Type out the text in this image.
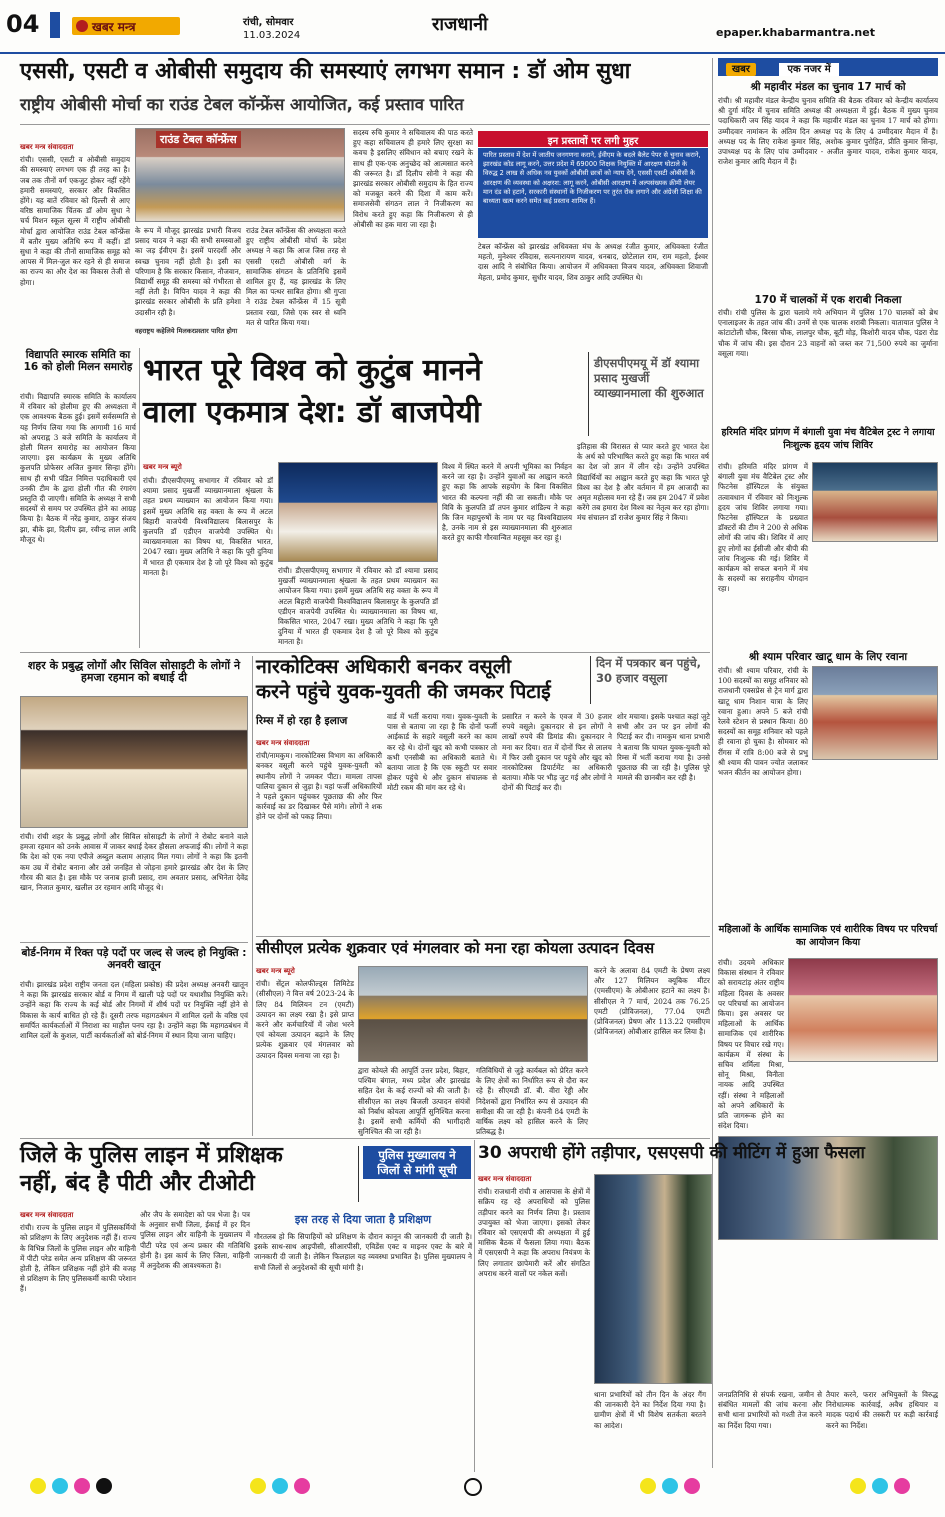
04	खबर मन्त्र	रांची, सोमवार
11.03.2024
राजधानी	epaper.khabarmantra.net
एससी, एसटी व ओबीसी समुदाय की समस्याएं लगभग समान : डॉ ओम सुधा
राष्ट्रीय ओबीसी मोर्चा का राउंड टेबल कॉन्फ्रेंस आयोजित, कई प्रस्ताव पारित

खबर मन्त्र संवाददाता

रांची। एससी, एसटी व ओबीसी समुदाय की समस्याएं लगभग एक ही तरह का है। जब तक तीनों वर्ग एकजुट होकर नहीं रहेंगे हमारी समस्याएं, सरकार और विकसित होंगे। यह बातें रविवार को दिल्ली से आए वरिष्ठ सामाजिक चिंतक डॉ ओम सुधा ने चर्च मिशन स्कूल सूल्स में राष्ट्रीय ओबीसी मोर्चा द्वारा आयोजित राउंड टेबल कॉन्फ्रेंस में बतौर मुख्य अतिथि रूप में कहीं। डॉ सुधा ने कहा की तीनों सामाजिक समूह को आपस में मिल-जुल कर रहने से ही समाज का राज्य का और देश का विकास तेजी से होगा।

राउंड टेबल कॉन्फ्रेंस

के रूप में मौजूद झारखंड प्रभारी विजय प्रसाद यादव ने कहा की सभी समस्याओं का जड़ ईवीएम है। इसमें पारदर्शी और स्वच्छ चुनाव नहीं होती है। इसी का परिणाम है कि सरकार किसान, नौजवान, विद्यार्थी समूह की समस्या को गंभीरता से नहीं लेती है। विपिन यादव ने कहा की झारखंड सरकार ओबीसी के प्रति हमेशा उदासीन रही है।

वहराष्ट्रय कहेलिये मिलकरप्रस्तार पारित होगा

राउंड टेबल कॉन्फ्रेंस की अध्यक्षता करते हुए राष्ट्रीय ओबीसी मोर्चा के प्रदेश अध्यक्ष ने कहा कि आज जिस तरह से एससी एसटी ओबीसी वर्ग के सामाजिक संगठन के प्रतिनिधि इसमें शामिल हुए हैं, यह झारखंड के लिए मिल का पत्थर साबित होगा। श्री गुप्ता ने राउंड टेबल कॉन्फ्रेंस में 15 सूत्री प्रस्ताव रखा, जिसे एक स्वर से ध्वनि मत से पारित किया गया।

सदस्य रुचि कुमार ने सचिवालय की पाठ करते हुए कहा सचिवालय ही हमारे लिए सुरक्षा का कवच है इसलिए संविधान को बचाए रखने के साथ ही एक-एक अनुच्छेद को आत्मसात करने की जरूरत है। डॉ दिलीप सोनी ने कहा की झारखंड सरकार ओबीसी समुदाय के हित राज्य को मजबूत करने की दिशा में काम करें। समाजसेवी संगठन लाल ने निजीकरण का विरोध करते हुए कहा कि निजीकरण से ही ओबीसी का हक मारा जा रहा है।

इन प्रस्तावों पर लगी मुहर
पारित प्रस्ताव में देश में जातीय जनगणना कराने, ईवीएम के बदले बैलेट पेपर से चुनाव कराने, झारखंड कोड लागू करने, उत्तर प्रदेश में 69000 शिक्षक नियुक्ति में आरक्षण घोटाले के विरुद्ध 2 लाख से अधिक नव युवकों ओबीसी छात्रों को न्याय देने, एससी एसटी ओबीसी के आरक्षण की व्यवस्था को अक्षरश: लागू करने, ओबीसी आरक्षण में अल्पसंख्यक क्रीमी लेयर मान दंड को हटाने, सरकारी संस्थानों के निजीकरण पर तुरंत रोक लगाने और अंग्रेजी शिक्षा की बाध्यता खत्म करने समेत कई प्रस्ताव शामिल हैं।

टेबल कॉन्फ्रेंस को झारखंड अधिवक्ता मंच के अध्यक्ष रंजीत कुमार, अधिवक्ता रंजीत महतो, मुनेश्वर रविदास, सत्यनारायण यादव, धनबाद, छोटेलाल राम, राम महतो, ईश्वर दास आदि ने संबोधित किया। आयोजन में अधिवक्ता विजय यादव, अधिवक्ता शिवाजी मेहता, प्रमोद कुमार, सुधीर यादव, शिव ठाकुर आदि उपस्थित थे।

खबर	एक नजर में
श्री महावीर मंडल का चुनाव 17 मार्च को

रांची। श्री महावीर मंडल केन्द्रीय चुनाव समिति की बैठक रविवार को केन्द्रीय कार्यालय श्री दुर्गा मंदिर में चुनाव समिति अध्यक्ष की अध्यक्षता में हुई। बैठक में मुख्य चुनाव पदाधिकारी जय सिंह यादव ने कहा कि महावीर मंडल का चुनाव 17 मार्च को होगा। उम्मीदवार नामांकन के अंतिम दिन अध्यक्ष पद के लिए 4 उम्मीदवार मैदान में हैं। अध्यक्ष पद के लिए राकेश कुमार सिंह, अशोक कुमार पुरोहित, प्रीति कुमार सिन्हा, उपाध्यक्ष पद के लिए पांच उम्मीदवार - अजीत कुमार यादव, राकेश कुमार यादव, राजेश कुमार आदि मैदान में हैं।

170 में चालकों में एक शराबी निकला

रांची। रांची पुलिस के द्वारा चलाये गये अभियान में पुलिस 170 चालकों को ब्रेथ एनालाइजर के तहत जांच की। उनमें से एक चालक शराबी निकला। यातायात पुलिस ने कांटाटोली चौक, बिरसा चौक, लालपुर चौक, बूटी मोड़, किशोरी यादव चौक, पंडरा रोड चौक में जांच की। इस दौरान 23 वाहनों को जब्त कर 71,500 रुपये का जुर्माना वसूला गया।

हरिमति मंदिर प्रांगण में बंगाली युवा मंच वैटिबेल ट्रस्ट ने लगाया निःशुल्क हृदय जांच शिविर

रांची। हरिमति मंदिर प्रांगण में बंगाली युवा मंच वैटिबेल ट्रस्ट और फिटनेस हॉस्पिटल के संयुक्त तत्वावधान में रविवार को निःशुल्क हृदय जांच शिविर लगाया गया। फिटनेस हॉस्पिटल के प्रख्यात डॉक्टरों की टीम ने 200 से अधिक लोगों की जांच की। शिविर में आए हुए लोगों का ईसीजी और बीपी की जांच निःशुल्क की गई। शिविर में कार्यक्रम को सफल बनाने में मंच के सदस्यों का सराहनीय योगदान रहा।

श्री श्याम परिवार खाटू धाम के लिए रवाना

रांची। श्री श्याम परिवार, रांची के 100 सदस्यों का समूह शनिवार को राजधानी एक्सप्रेस से ट्रेन मार्ग द्वारा खाटू धाम निशान यात्रा के लिए रवाना हुआ। अपने 5 बजे रांची रेलवे स्टेशन से प्रस्थान किया। 80 सदस्यों का समूह शनिवार को पहले ही रवाना हो चुका है। सोमवार को रींगस में रात्रि 8:00 बजे से प्रभु श्री श्याम की पावन ज्योत जलाकर भजन कीर्तन का आयोजन होगा।

महिलाओं के आर्थिक सामाजिक एवं शारीरिक विषय पर परिचर्चा का आयोजन किया

रांची। उदयमे अधिकार विकास संस्थान ने रविवार को सरायटांड़ अंतर राष्ट्रीय महिला दिवस के अवसर पर परिचर्चा का आयोजन किया। इस अवसर पर महिलाओं के आर्थिक सामाजिक एवं शारीरिक विषय पर विचार रखे गए। कार्यक्रम में संस्था के सचिव शर्मिला मिश्रा, सोनू मिश्रा, विनीता नायक आदि उपस्थित रहीं। संस्था ने महिलाओं को अपने अधिकारों के प्रति जागरूक होने का संदेश दिया।

विद्यापति स्मारक समिति का 16 को होली मिलन समारोह

रांची। विद्यापति स्मारक समिति के कार्यालय में रविवार को होलीमा हुए की अध्यक्षता में एक आवश्यक बैठक हुई। इसमें सर्वसम्मति से यह निर्णय लिया गया कि आगामी 16 मार्च को अपराह्न 3 बजे समिति के कार्यालय में होली मिलन समारोह का आयोजन किया जाएगा। इस कार्यक्रम के मुख्य अतिथि कुलपति प्रोफेसर अजित कुमार सिन्हा होंगे। साथ ही सभी पंडित निमित्त पदाधिकारी एवं उनकी टीम के द्वारा होली गीत की रंगारंग प्रस्तुति दी जाएगी। समिति के अध्यक्ष ने सभी सदस्यों से समय पर उपस्थित होने का आग्रह किया है। बैठक में नरेंद्र कुमार, ठाकुर संजय झा, बीके झा, दिलीप झा, रवीन्द्र लाल आदि मौजूद थे।

भारत पूरे विश्व को कुटुंब मानने
वाला एकमात्र देश: डॉ बाजपेयी
डीएसपीएमयू में डॉ श्यामा प्रसाद मुखर्जी व्याख्यानमाला की शुरुआत

खबर मन्त्र ब्यूरो

रांची। डीएसपीएमयू सभागार में रविवार को डॉ श्यामा प्रसाद मुखर्जी व्याख्यानमाला श्रृंखला के तहत प्रथम व्याख्यान का आयोजन किया गया। इसमें मुख्य अतिथि सह वक्ता के रूप में अटल बिहारी वाजपेयी विश्वविद्यालय बिलासपुर के कुलपति डॉ एडीएन वाजपेयी उपस्थित थे। व्याख्यानमाला का विषय था, विकसित भारत, 2047 रखा। मुख्य अतिथि ने कहा कि पूरी दुनिया में भारत ही एकमात्र देश है जो पूरे विश्व को कुटुंब मानता है।	रांची। डीएसपीएमयू सभागार में रविवार को डॉ श्यामा प्रसाद मुखर्जी व्याख्यानमाला श्रृंखला के तहत प्रथम व्याख्यान का आयोजन किया गया। इसमें मुख्य अतिथि सह वक्ता के रूप में अटल बिहारी वाजपेयी विश्वविद्यालय बिलासपुर के कुलपति डॉ एडीएन वाजपेयी उपस्थित थे। व्याख्यानमाला का विषय था, विकसित भारत, 2047 रखा। मुख्य अतिथि ने कहा कि पूरी दुनिया में भारत ही एकमात्र देश है जो पूरे विश्व को कुटुंब मानता है।

विश्व में स्थित करने में अपनी भूमिका का निर्वहन करने जा रहा है। उन्होंने युवाओं का आह्वान करते हुए कहा कि आपके सहयोग के बिना विकसित भारत की कल्पना नहीं की जा सकती। मौके पर विवि के कुलपति डॉ तपन कुमार शांडिल्य ने कहा कि जिन महापुरुषों के नाम पर यह विश्वविद्यालय है, उनके नाम से इस व्याख्यानमाला की शुरुआत करते हुए काफी गौरवान्वित महसूस कर रहा हूं।

इतिहास की विरासत से प्यार करते हुए भारत देश के अर्थ को परिभाषित करते हुए कहा कि भारत वर्ष का देश जो ज्ञान में लीन रहे। उन्होंने उपस्थित विद्यार्थियों का आह्वान करते हुए कहा कि भारत पूरे विश्व का देश है और वर्तमान में हम आजादी का अमृत महोत्सव मना रहे हैं। जब हम 2047 में प्रवेश करेंगे तब हमारा देश विश्व का नेतृत्व कर रहा होगा। मंच संचालन डॉ राजेश कुमार सिंह ने किया।

शहर के प्रबुद्ध लोगों और सिविल सोसाइटी के लोगों ने हमजा रहमान को बधाई दी

रांची। रांची शहर के प्रबुद्ध लोगों और सिविल सोसाइटी के लोगों ने रोबोट बनाने वाले हमजा रहमान को उनके आवास में जाकर बधाई देकर हौसला अफजाई की। लोगों ने कहा कि देश को एक नया एपीजे अब्दुल कलाम आज़ाद मिल गया। लोगों ने कहा कि इतनी कम उम्र में रोबोट बनाना और उसे जनहित से जोड़ना हमारे झारखंड और देश के लिए गौरव की बात है। इस मौके पर जनाब हाजी प्रसाद, राम अवतार प्रसाद, अभिनेता देवेंद्र खान, निजात कुमार, खलील उर रहमान आदि मौजूद थे।

नारकोटिक्स अधिकारी बनकर वसूली
करने पहुंचे युवक-युवती की जमकर पिटाई
दिन में पत्रकार बन पहुंचे, 30 हजार वसूला
रिम्स में हो रहा है इलाज

खबर मन्त्र संवाददाता

रांची/नामकुम। नारकोटिक्स विभाग का अधिकारी बनकर वसूली करने पहुंचे युवक-युवती को स्थानीय लोगों ने जमकर पीटा। मामला तापस पालिया दुकान से जुड़ा है। यहां फर्जी अधिकारियों ने पहले दुकान पहुंचकर पूछताछ की और फिर कार्रवाई का डर दिखाकर पैसे मांगे। लोगों ने शक होने पर दोनों को पकड़ लिया।

वार्ड में भर्ती कराया गया। युवक-युवती के पास से बताया जा रहा है कि दोनों फर्जी आईकार्ड के सहारे वसूली करने का काम कर रहे थे। दोनों खुद को कभी पत्रकार तो कभी एनसीबी का अधिकारी बताते थे। बताया जाता है कि एक स्कूटी पर सवार होकर पहुंचे थे और दुकान संचालक से मोटी रकम की मांग कर रहे थे।

प्रसारित न करने के एवज में 30 हजार रुपये वसूले। दुकानदार से इन लोगों ने लाखों रुपये की डिमांड की। दुकानदार ने मना कर दिया। रात में दोनों फिर से लालच में फिर उसी दुकान पर पहुंचे और खुद को नारकोटिक्स डिपार्टमेंट का अधिकारी बताया। मौके पर भीड़ जुट गई और लोगों ने दोनों की पिटाई कर दी।

शोर मचाया। इसके पश्चात कहां जुटे सभी और उन पर इन लोगों की पिटाई कर दी। नामकुम थाना प्रभारी ने बताया कि घायल युवक-युवती को रिम्स में भर्ती कराया गया है। उनसे पूछताछ की जा रही है। पुलिस पूरे मामले की छानबीन कर रही है।

बोर्ड-निगम में रिक्त पड़े पदों पर जल्द से जल्द हो नियुक्ति : अनवरी खातून

रांची। झारखंड प्रदेश राष्ट्रीय जनता दल (महिला प्रकोष्ठ) की प्रदेश अध्यक्ष अनवरी खातून ने कहा कि झारखंड सरकार बोर्ड व निगम में खाली पड़े पदों पर यथाशीघ्र नियुक्ति करे। उन्होंने कहा कि राज्य के कई बोर्ड और निगमों में शीर्ष पदों पर नियुक्ति नहीं होने से विकास के कार्य बाधित हो रहे हैं। दूसरी तरफ महागठबंधन में शामिल दलों के वरिष्ठ एवं समर्पित कार्यकर्ताओं में निराशा का माहौल पनप रहा है। उन्होंने कहा कि महागठबंधन में शामिल दलों के कुशल, पार्टी कार्यकर्ताओं को बोर्ड-निगम में स्थान दिया जाना चाहिए।

सीसीएल प्रत्येक शुक्रवार एवं मंगलवार को मना रहा कोयला उत्पादन दिवस

खबर मन्त्र ब्यूरो

रांची। सेंट्रल कोलफील्ड्स लिमिटेड (सीसीएल) ने वित्त वर्ष 2023-24 के लिए 84 मिलियन टन (एमटी) उत्पादन का लक्ष्य रखा है। इसे प्राप्त करने और कर्मचारियों में जोश भरने एवं कोयला उत्पादन बढ़ाने के लिए प्रत्येक शुक्रवार एवं मंगलवार को उत्पादन दिवस मनाया जा रहा है।

द्वारा कोयले की आपूर्ति उत्तर प्रदेश, बिहार, पश्चिम बंगाल, मध्य प्रदेश और झारखंड सहित देश के कई राज्यों को की जाती है। सीसीएल का लक्ष्य बिजली उत्पादन संयंत्रों को निर्बाध कोयला आपूर्ति सुनिश्चित करना है। इसमें सभी कर्मियों की भागीदारी सुनिश्चित की जा रही है।

गतिविधियों से जुड़े कार्यबल को प्रेरित करने के लिए क्षेत्रों का निर्धारित रूप से दौरा कर रहे हैं। सीएमडी डॉ. बी. वीरा रेड्डी और निदेशकों द्वारा निर्धारित रूप से उत्पादन की समीक्षा की जा रही है। कंपनी 84 एमटी के वार्षिक लक्ष्य को हासिल करने के लिए प्रतिबद्ध है।

करने के अलावा 84 एमटी के प्रेषण लक्ष्य और 127 मिलियन क्यूबिक मीटर (एमसीएम) के ओबीआर हटाने का लक्ष्य है। सीसीएल ने 7 मार्च, 2024 तक 76.25 एमटी (प्रोविजनल), 77.04 एमटी (प्रोविजनल) प्रेषण और 113.22 एमसीएम (प्रोविजनल) ओबीआर हासिल कर लिया है।

जिले के पुलिस लाइन में प्रशिक्षक
नहीं, बंद है पीटी और टीओटी
पुलिस मुख्यालय ने जिलों से मांगी सूची

खबर मन्त्र संवाददाता

रांची। राज्य के पुलिस लाइन में पुलिसकर्मियों को प्रशिक्षण के लिए अनुदेशक नहीं हैं। राज्य के विभिन्न जिलों के पुलिस लाइन और वाहिनी में पीटी परेड समेत अन्य प्रशिक्षण की जरूरत होती है, लेकिन प्रशिक्षक नहीं होने की वजह से प्रशिक्षण के लिए पुलिसकर्मी काफी परेशान हैं।

और जैप के समादेष्टा को पत्र भेजा है। पत्र के अनुसार सभी जिला, ईकाई में हर दिन पुलिस लाइन और वाहिनी के मुख्यालय में पीटी परेड एवं अन्य प्रकार की गतिविधि होनी है। इस कार्य के लिए जिला, वाहिनी में अनुदेशक की आवश्यकता है।

इस तरह से दिया जाता है प्रशिक्षण

गौरतलब हो कि सिपाहियों को प्रशिक्षण के दौरान कानून की जानकारी दी जाती है। इसके साथ-साथ आइपीसी, सीआरपीसी, एविडेंस एक्ट व माइनर एक्ट के बारे में जानकारी दी जाती है। लेकिन फिलहाल यह व्यवस्था प्रभावित है। पुलिस मुख्यालय ने सभी जिलों से अनुदेशकों की सूची मांगी है।

30 अपराधी होंगे तड़ीपार, एसएसपी की मीटिंग में हुआ फैसला

खबर मन्त्र संवाददाता

रांची। राजधानी रांची व आसपास के क्षेत्रों में सक्रिय रह रहे अपराधियों को पुलिस तड़ीपार करने का निर्णय लिया है। प्रस्ताव उपायुक्त को भेजा जाएगा। इसको लेकर रविवार को एसएसपी की अध्यक्षता में हुई मासिक बैठक में फैसला लिया गया। बैठक में एसएसपी ने कहा कि अपराध नियंत्रण के लिए लगातार छापेमारी करें और संगठित अपराध करने वालों पर नकेल कसें।

थाना प्रभारियों को तीन दिन के अंदर गैंग की जानकारी देने का निर्देश दिया गया है। ग्रामीण क्षेत्रों में भी विशेष सतर्कता बरतने का आदेश।

जनप्रतिनिधि से संपर्क रखना, जमीन से संबंधित मामलों की जांच करना और सभी थाना प्रभारियों को गश्ती तेज करने का निर्देश दिया गया।

तैयार करने, फरार अभियुक्तों के विरुद्ध निरोधात्मक कार्रवाई, अवैध हथियार व मादक पदार्थ की तस्करी पर कड़ी कार्रवाई करने का निर्देश।
